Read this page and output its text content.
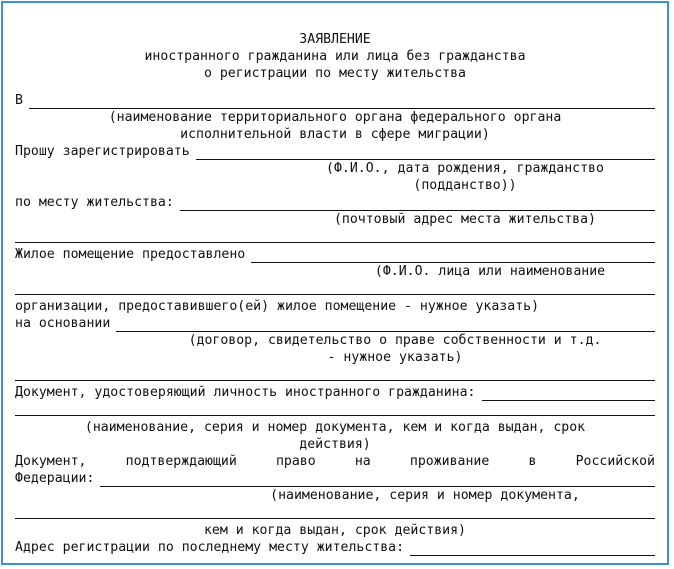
ЗАЯВЛЕНИЕ
иностранного гражданина или лица без гражданства
о регистрации по месту жительства
В
(наименование территориального органа федерального органа
исполнительной власти в сфере миграции)
Прошу зарегистрировать
(Ф.И.О., дата рождения, гражданство
(подданство))
по месту жительства:
(почтовый адрес места жительства)
Жилое помещение предоставлено
(Ф.И.О. лица или наименование
организации, предоставившего(ей) жилое помещение - нужное указать)
на основании
(договор, свидетельство о праве собственности и т.д.
- нужное указать)
Документ, удостоверяющий личность иностранного гражданина:
(наименование, серия и номер документа, кем и когда выдан, срок
действия)
Документ, подтверждающий право на проживание в Российской
Федерации:
(наименование, серия и номер документа,
кем и когда выдан, срок действия)
Адрес регистрации по последнему месту жительства:
